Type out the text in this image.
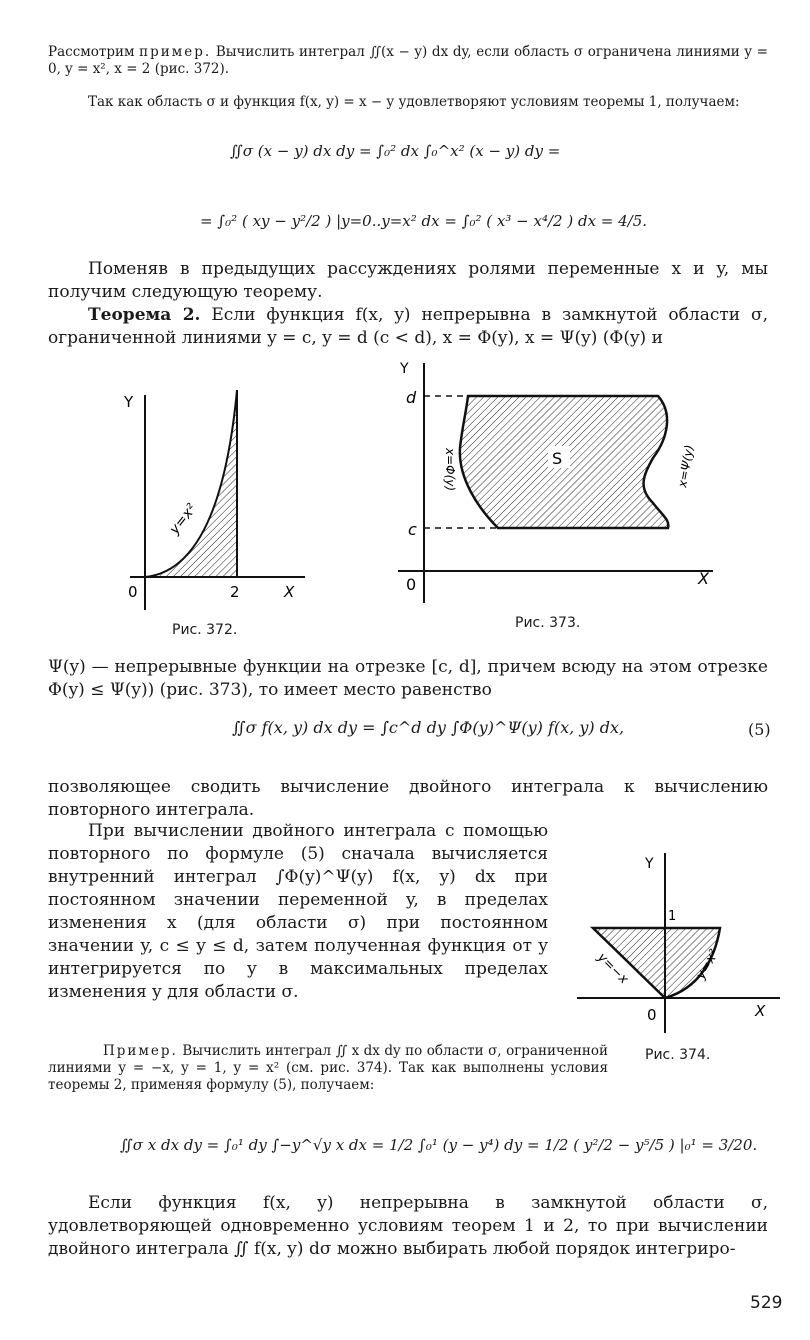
Рассмотрим пример. Вычислить интеграл ∬(x − y) dx dy, если область σ ограничена линиями y = 0, y = x², x = 2 (рис. 372).
Так как область σ и функция f(x, y) = x − y удовлетворяют условиям теоремы 1, получаем:
∬σ (x − y) dx dy = ∫₀² dx ∫₀^x² (x − y) dy =
= ∫₀² ( xy − y²/2 ) |y=0..y=x² dx = ∫₀² ( x³ − x⁴/2 ) dx = 4/5.
Поменяв в предыдущих рассуждениях ролями переменные x и y, мы получим следующую теорему.
Теорема 2. Если функция f(x, y) непрерывна в замкнутой области σ, ограниченной линиями y = c, y = d (c < d), x = Φ(y), x = Ψ(y) (Φ(y) и
Y
X
0	2
y=x²
Рис. 372.
S
Y
d
c
0	X
x=Φ(y)	x=Ψ(y)
Рис. 373.
Ψ(y) — непрерывные функции на отрезке [c, d], причем всюду на этом отрезке Φ(y) ≤ Ψ(y)) (рис. 373), то имеет место равенство
∬σ f(x, y) dx dy = ∫c^d dy ∫Φ(y)^Ψ(y) f(x, y) dx,	(5)
позволяющее сводить вычисление двойного интеграла к вычислению повторного интеграла.
При вычислении двойного интеграла с помощью повторного по формуле (5) сначала вычисляется внутренний интеграл ∫Φ(y)^Ψ(y) f(x, y) dx при постоянном значении переменной y, в пределах изменения x (для области σ) при постоянном значении y, c ≤ y ≤ d, затем полученная функция от y интегрируется по y в максимальных пределах изменения y для области σ.
Y
1
0	X
y=−x	y=x²
Рис. 374.
Пример. Вычислить интеграл ∬ x dx dy по области σ, ограниченной линиями y = −x, y = 1, y = x² (см. рис. 374). Так как выполнены условия теоремы 2, применяя формулу (5), получаем:
∬σ x dx dy = ∫₀¹ dy ∫−y^√y x dx = 1/2 ∫₀¹ (y − y⁴) dy = 1/2 ( y²/2 − y⁵/5 ) |₀¹ = 3/20.
Если функция f(x, y) непрерывна в замкнутой области σ, удовлетворяющей одновременно условиям теорем 1 и 2, то при вычислении двойного интеграла ∬ f(x, y) dσ можно выбирать любой порядок интегриро-
529
